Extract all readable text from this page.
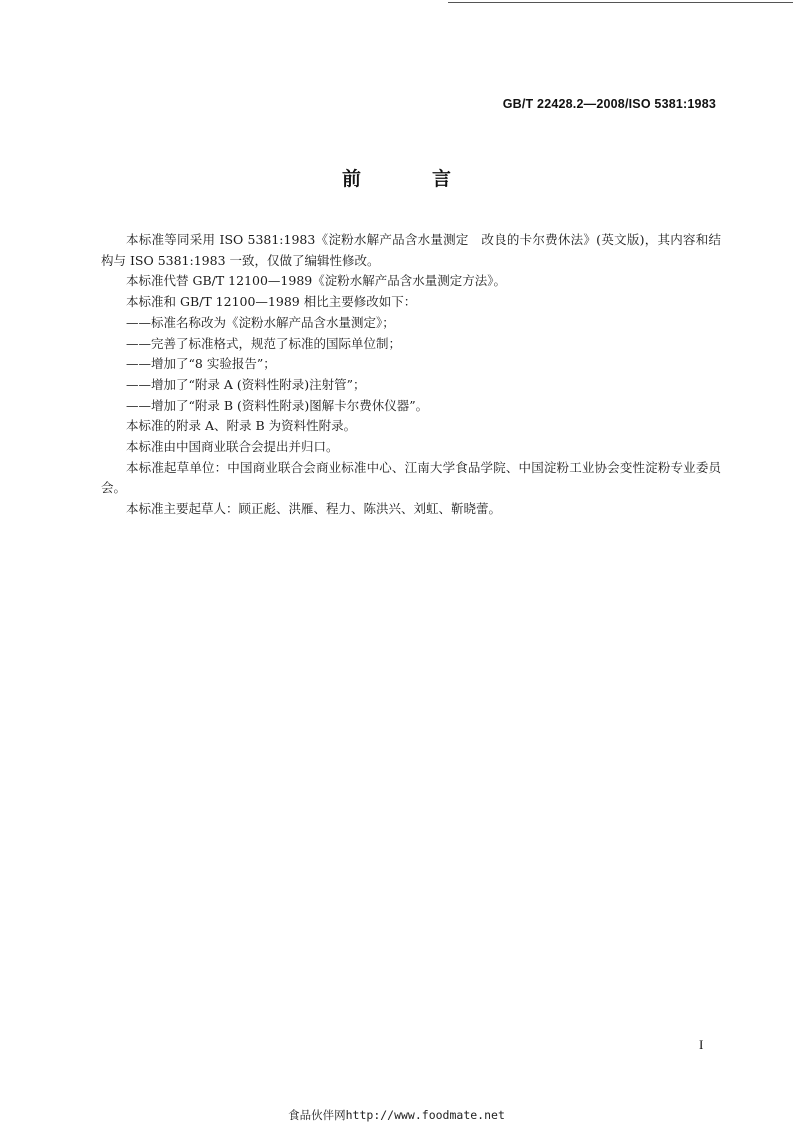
GB/T 22428.2—2008/ISO 5381:1983
前　言

本标准等同采用 ISO 5381:1983《淀粉水解产品含水量测定　改良的卡尔费休法》(英文版)，其内容和结构与 ISO 5381:1983 一致，仅做了编辑性修改。

本标准代替 GB/T 12100—1989《淀粉水解产品含水量测定方法》。

本标准和 GB/T 12100—1989 相比主要修改如下：

——标准名称改为《淀粉水解产品含水量测定》；

——完善了标准格式，规范了标准的国际单位制；

——增加了“8 实验报告”；

——增加了“附录 A (资料性附录)注射管”；

——增加了“附录 B (资料性附录)图解卡尔费休仪器”。

本标准的附录 A、附录 B 为资料性附录。

本标准由中国商业联合会提出并归口。

本标准起草单位：中国商业联合会商业标准中心、江南大学食品学院、中国淀粉工业协会变性淀粉专业委员会。

本标准主要起草人：顾正彪、洪雁、程力、陈洪兴、刘虹、靳晓蕾。

I
食品伙伴网http://www.foodmate.net
